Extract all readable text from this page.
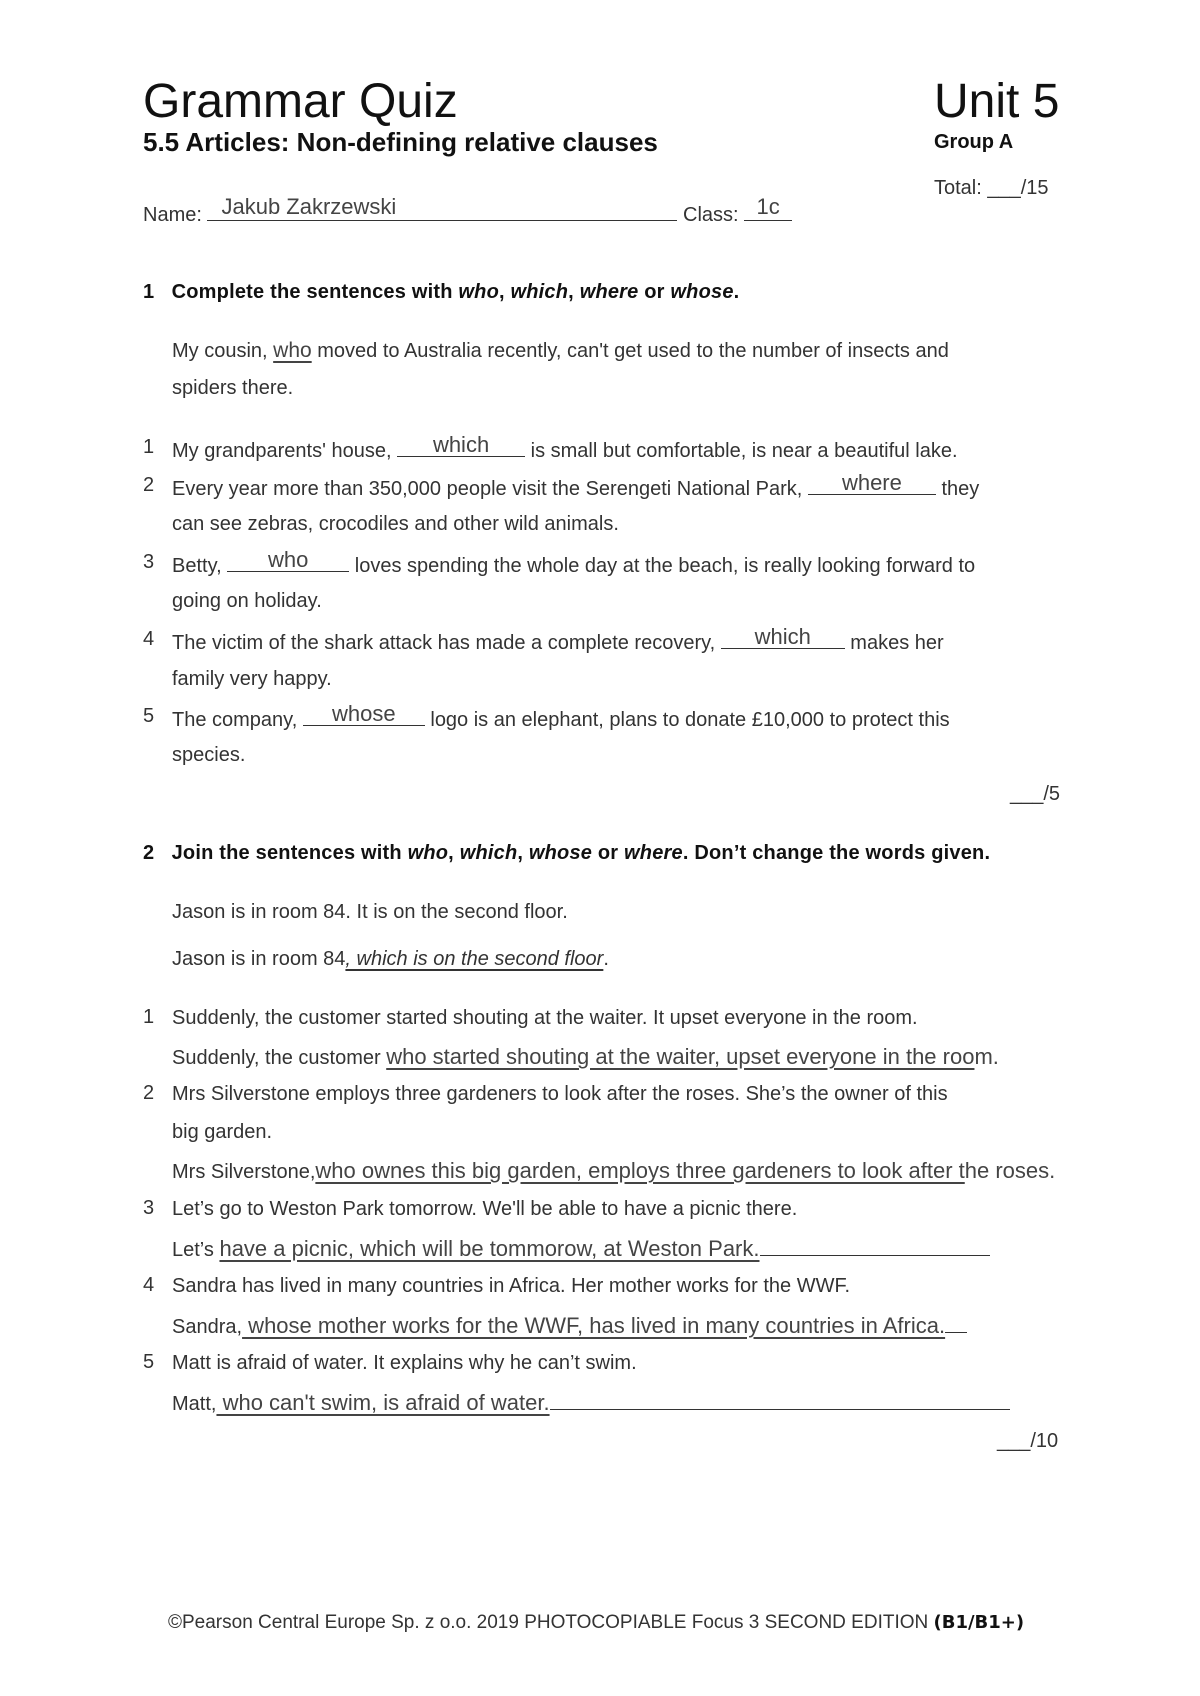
Grammar Quiz	Unit 5
5.5 Articles: Non-defining relative clauses	Group A
Total: ___/15
Name: Jakub Zakrzewski	Class: 1c
1 Complete the sentences with who, which, where or whose.
My cousin, who moved to Australia recently, can't get used to the number of insects and
spiders there.
1 My grandparents' house,	which	is small but comfortable, is near a beautiful lake.
2 Every year more than 350,000 people visit the Serengeti National Park,	where	they
can see zebras, crocodiles and other wild animals.
3 Betty,	who	loves spending the whole day at the beach, is really looking forward to
going on holiday.
4 The victim of the shark attack has made a complete recovery,	which	makes her
family very happy.
5 The company,	whose	logo is an elephant, plans to donate £10,000 to protect this
species.
___/5
2 Join the sentences with who, which, whose or where. Don’t change the words given.
Jason is in room 84. It is on the second floor.
Jason is in room 84, which is on the second floor.
1 Suddenly, the customer started shouting at the waiter. It upset everyone in the room.
Suddenly, the customer who started shouting at the waiter, upset everyone in the room.
2 Mrs Silverstone employs three gardeners to look after the roses. She’s the owner of this
big garden.
Mrs Silverstone,who ownes this big garden, employs three gardeners to look after the roses.
3 Let’s go to Weston Park tomorrow. We'll be able to have a picnic there.
Let’s have a picnic, which will be tommorow, at Weston Park.
4 Sandra has lived in many countries in Africa. Her mother works for the WWF.
Sandra, whose mother works for the WWF, has lived in many countries in Africa.
5 Matt is afraid of water. It explains why he can’t swim.
Matt, who can't swim, is afraid of water.
___/10
©Pearson Central Europe Sp. z o.o. 2019 PHOTOCOPIABLE Focus 3 SECOND EDITION (B1/B1+)
